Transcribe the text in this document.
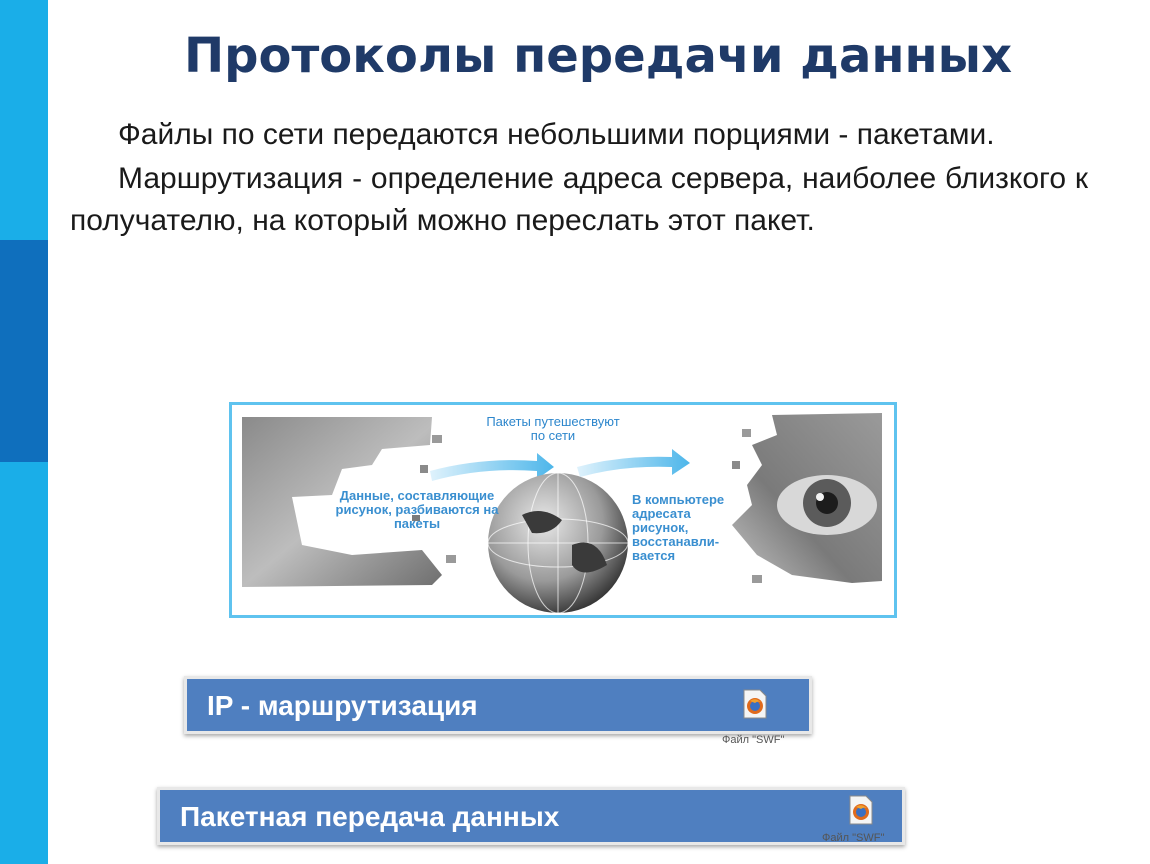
Протоколы передачи данных

Файлы по сети передаются небольшими порциями - пакетами.

Маршрутизация - определение адреса сервера, наиболее близкого к получателю, на который можно переслать этот пакет.

Пакеты путешествуют по сети
Данные, составляющие рисунок, разбиваются на пакеты
В компьютере адресата рисунок, восстанавли- вается
IP - маршрутизация
Файл "SWF"
Пакетная передача данных
Файл "SWF"
